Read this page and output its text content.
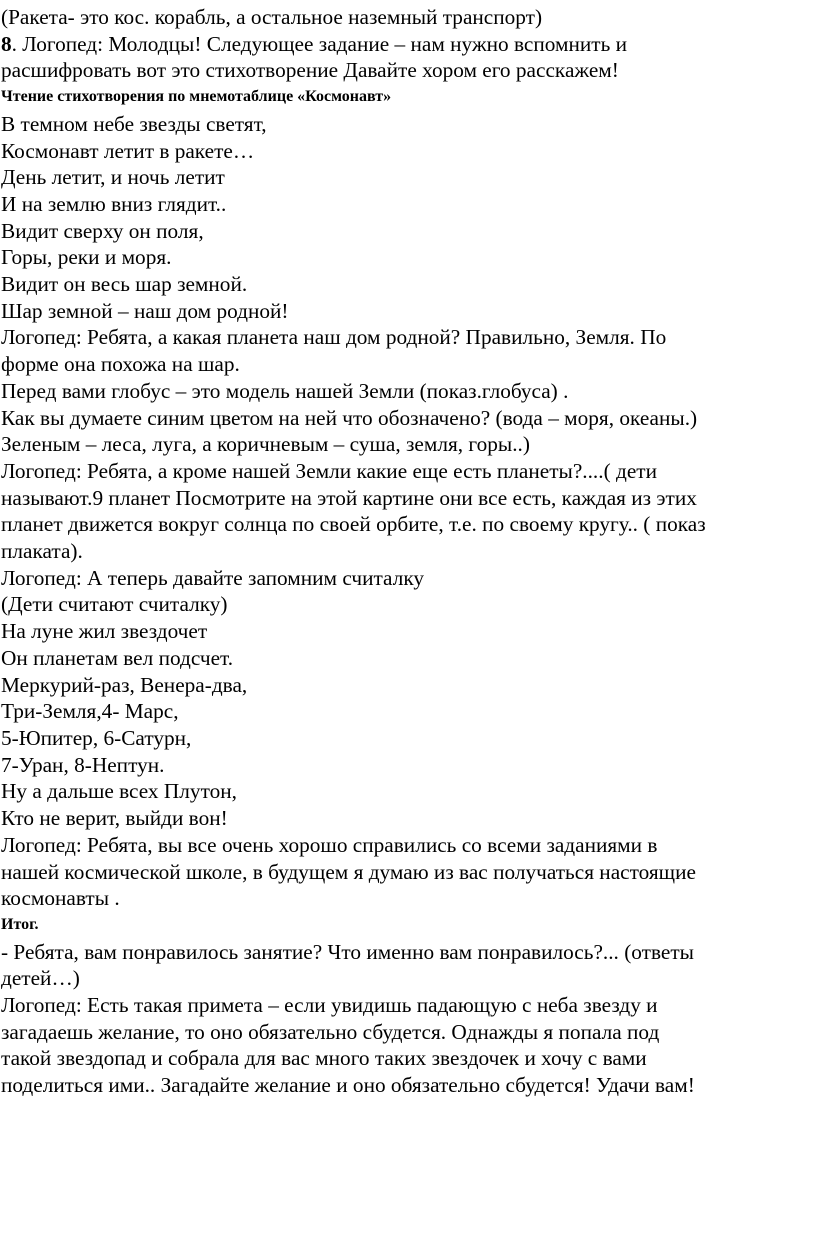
(Ракета- это кос. корабль, а остальное наземный транспорт)
8. Логопед: Молодцы! Следующее задание – нам нужно вспомнить и
расшифровать вот это стихотворение Давайте хором его расскажем!
Чтение стихотворения по мнемотаблице «Космонавт»
В темном небе звезды светят,
Космонавт летит в ракете…
День летит, и ночь летит
И на землю вниз глядит..
Видит сверху он поля,
Горы, реки и моря.
Видит он весь шар земной.
Шар земной – наш дом родной!
Логопед: Ребята, а какая планета наш дом родной? Правильно, Земля. По
форме она похожа на шар.
Перед вами глобус – это модель нашей Земли (показ.глобуса) .
Как вы думаете синим цветом на ней что обозначено? (вода – моря, океаны.)
Зеленым – леса, луга, а коричневым – суша, земля, горы..)
Логопед: Ребята, а кроме нашей Земли какие еще есть планеты?....( дети
называют.9 планет Посмотрите на этой картине они все есть, каждая из этих
планет движется вокруг солнца по своей орбите, т.е. по своему кругу.. ( показ
плаката).
Логопед: А теперь давайте запомним считалку
(Дети считают считалку)
На луне жил звездочет
Он планетам вел подсчет.
Меркурий-раз, Венера-два,
Три-Земля,4- Марс,
5-Юпитер, 6-Сатурн,
7-Уран, 8-Нептун.
Ну а дальше всех Плутон,
Кто не верит, выйди вон!
Логопед: Ребята, вы все очень хорошо справились со всеми заданиями в
нашей космической школе, в будущем я думаю из вас получаться настоящие
космонавты .
Итог.
- Ребята, вам понравилось занятие? Что именно вам понравилось?... (ответы
детей…)
Логопед: Есть такая примета – если увидишь падающую с неба звезду и
загадаешь желание, то оно обязательно сбудется. Однажды я попала под
такой звездопад и собрала для вас много таких звездочек и хочу с вами
поделиться ими.. Загадайте желание и оно обязательно сбудется! Удачи вам!
